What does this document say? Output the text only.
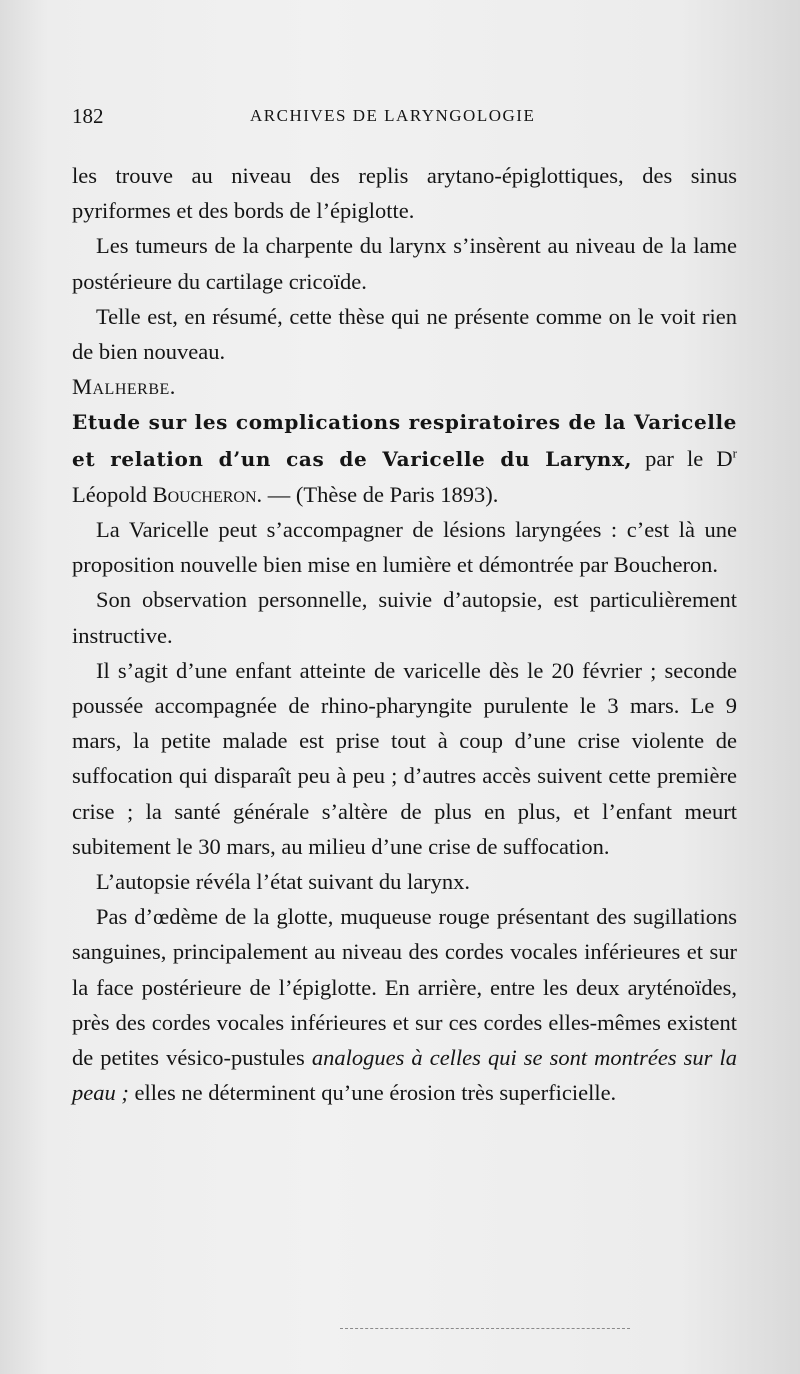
182	ARCHIVES DE LARYNGOLOGIE

les trouve au niveau des replis arytano-épiglottiques, des sinus pyriformes et des bords de l’épiglotte.

Les tumeurs de la charpente du larynx s’insèrent au niveau de la lame postérieure du cartilage cricoïde.

Telle est, en résumé, cette thèse qui ne présente comme on le voit rien de bien nouveau.

Malherbe.

Etude sur les complications respiratoires de la Varicelle et relation d’un cas de Varicelle du Larynx, par le $D^r$ Léopold Boucheron. — (Thèse de Paris 1893).

La Varicelle peut s’accompagner de lésions laryngées : c’est là une proposition nouvelle bien mise en lumière et démontrée par Boucheron.

Son observation personnelle, suivie d’autopsie, est particulièrement instructive.

Il s’agit d’une enfant atteinte de varicelle dès le 20 février ; seconde poussée accompagnée de rhino-pharyngite purulente le 3 mars. Le 9 mars, la petite malade est prise tout à coup d’une crise violente de suffocation qui disparaît peu à peu ; d’autres accès suivent cette première crise ; la santé générale s’altère de plus en plus, et l’enfant meurt subitement le 30 mars, au milieu d’une crise de suffocation.

L’autopsie révéla l’état suivant du larynx.

Pas d’œdème de la glotte, muqueuse rouge présentant des sugillations sanguines, principalement au niveau des cordes vocales inférieures et sur la face postérieure de l’épiglotte. En arrière, entre les deux aryténoïdes, près des cordes vocales inférieures et sur ces cordes elles-mêmes existent de petites vésico-pustules analogues à celles qui se sont montrées sur la peau ; elles ne déterminent qu’une érosion très superficielle.
